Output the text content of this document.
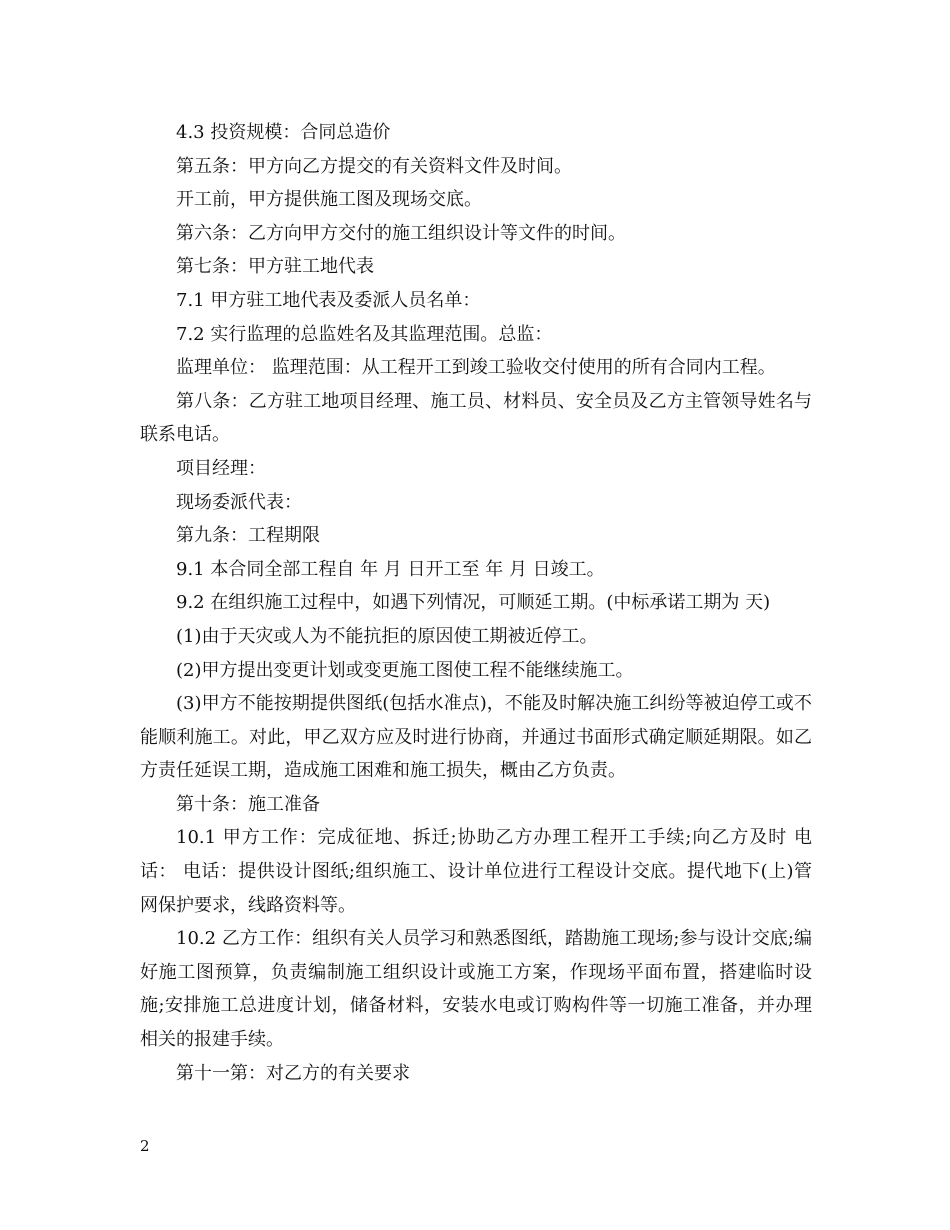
4.3 投资规模：合同总造价

第五条：甲方向乙方提交的有关资料文件及时间。

开工前，甲方提供施工图及现场交底。

第六条：乙方向甲方交付的施工组织设计等文件的时间。

第七条：甲方驻工地代表

7.1 甲方驻工地代表及委派人员名单：

7.2 实行监理的总监姓名及其监理范围。总监：

监理单位： 监理范围：从工程开工到竣工验收交付使用的所有合同内工程。

第八条：乙方驻工地项目经理、施工员、材料员、安全员及乙方主管领导姓名与联系电话。

项目经理：

现场委派代表：

第九条：工程期限

9.1 本合同全部工程自 年 月 日开工至 年 月 日竣工。

9.2 在组织施工过程中，如遇下列情况，可顺延工期。(中标承诺工期为 天)

(1)由于天灾或人为不能抗拒的原因使工期被近停工。

(2)甲方提出变更计划或变更施工图使工程不能继续施工。

(3)甲方不能按期提供图纸(包括水准点)，不能及时解决施工纠纷等被迫停工或不能顺利施工。对此，甲乙双方应及时进行协商，并通过书面形式确定顺延期限。如乙方责任延误工期，造成施工困难和施工损失，概由乙方负责。

第十条：施工准备

10.1 甲方工作：完成征地、拆迁;协助乙方办理工程开工手续;向乙方及时 电话： 电话：提供设计图纸;组织施工、设计单位进行工程设计交底。提代地下(上)管网保护要求，线路资料等。

10.2 乙方工作：组织有关人员学习和熟悉图纸，踏勘施工现场;参与设计交底;编好施工图预算，负责编制施工组织设计或施工方案，作现场平面布置，搭建临时设施;安排施工总进度计划，储备材料，安装水电或订购构件等一切施工准备，并办理相关的报建手续。

第十一第：对乙方的有关要求

2
